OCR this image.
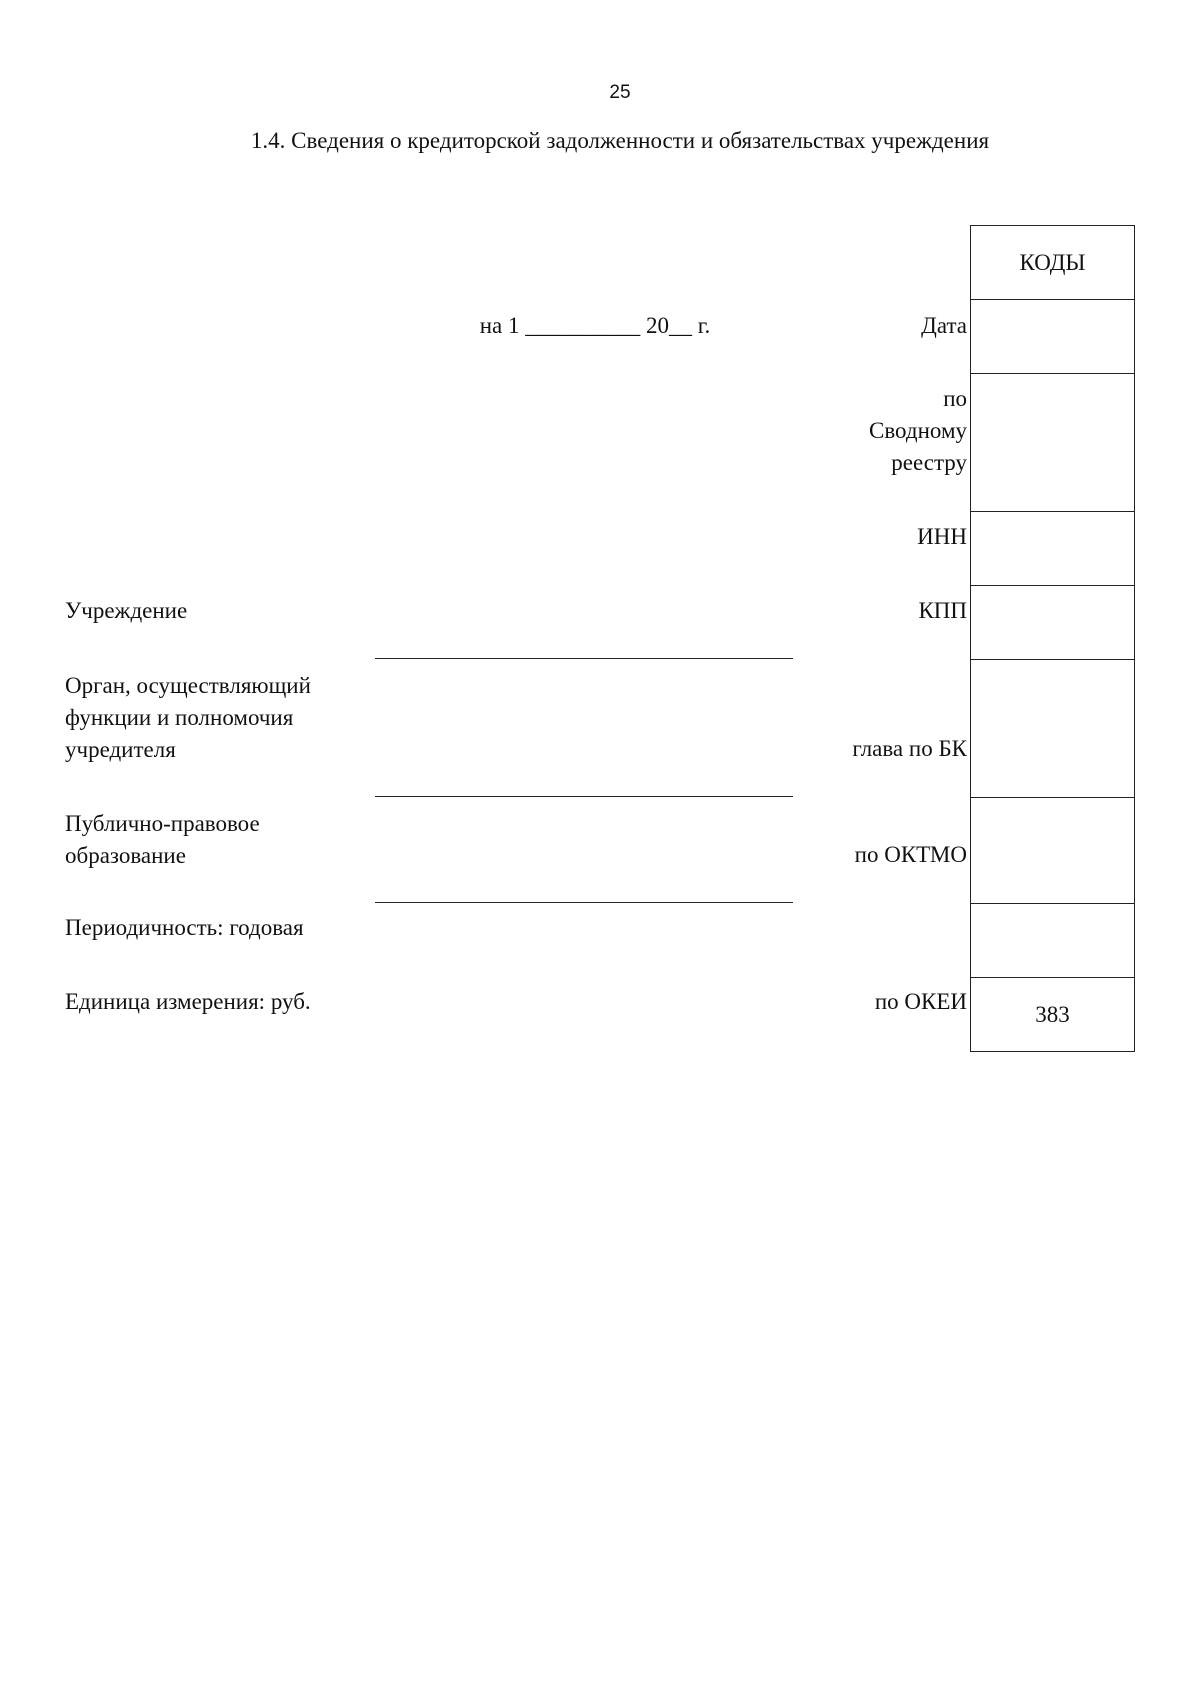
25
1.4. Сведения о кредиторской задолженности и обязательствах учреждения
на 1 __________ 20__ г.
Учреждение
Орган, осуществляющий
функции и полномочия
учредителя
Публично-правовое
образование
Периодичность: годовая
Единица измерения: руб.
Дата
по
Сводному
реестру
ИНН
КПП
глава по БК
по ОКТМО
по ОКЕИ
КОДЫ
383
